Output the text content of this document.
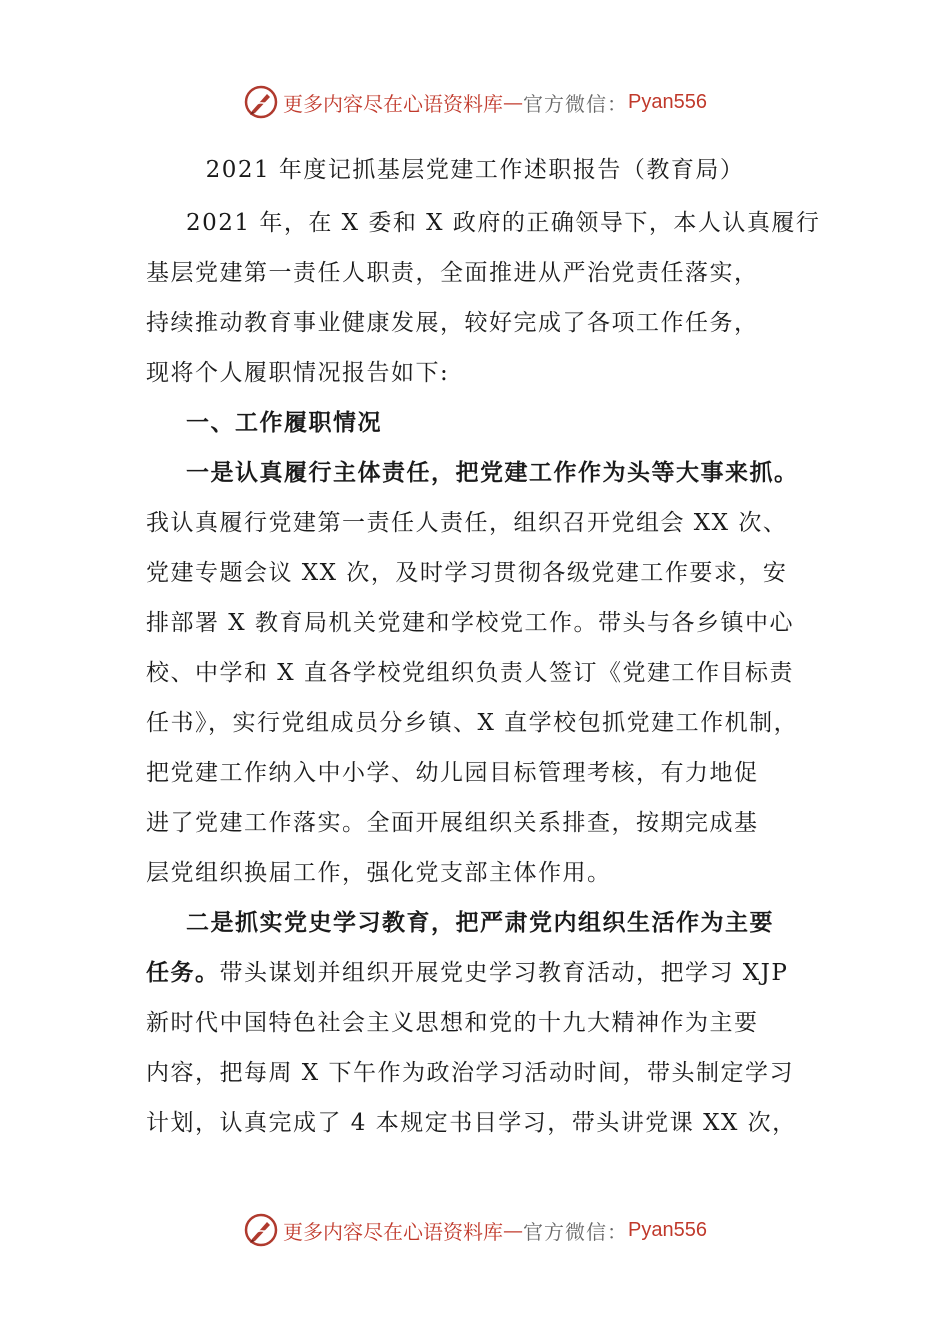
更多内容尽在心语资料库 — 官方微信： Pyan556
2021 年度记抓基层党建工作述职报告（教育局）
2021 年，在 X 委和 X 政府的正确领导下，本人认真履行
基层党建第一责任人职责，全面推进从严治党责任落实，
持续推动教育事业健康发展，较好完成了各项工作任务，
现将个人履职情况报告如下:
一、工作履职情况
一是认真履行主体责任，把党建工作作为头等大事来抓。
我认真履行党建第一责任人责任，组织召开党组会 XX 次、
党建专题会议 XX 次，及时学习贯彻各级党建工作要求，安
排部署 X 教育局机关党建和学校党工作。带头与各乡镇中心
校、中学和 X 直各学校党组织负责人签订《党建工作目标责
任书》，实行党组成员分乡镇、X 直学校包抓党建工作机制，
把党建工作纳入中小学、幼儿园目标管理考核，有力地促
进了党建工作落实。全面开展组织关系排查，按期完成基
层党组织换届工作，强化党支部主体作用。
二是抓实党史学习教育，把严肃党内组织生活作为主要
任务。带头谋划并组织开展党史学习教育活动，把学习 XJP
新时代中国特色社会主义思想和党的十九大精神作为主要
内容，把每周 X 下午作为政治学习活动时间，带头制定学习
计划，认真完成了 4 本规定书目学习，带头讲党课 XX 次，
更多内容尽在心语资料库 — 官方微信： Pyan556
